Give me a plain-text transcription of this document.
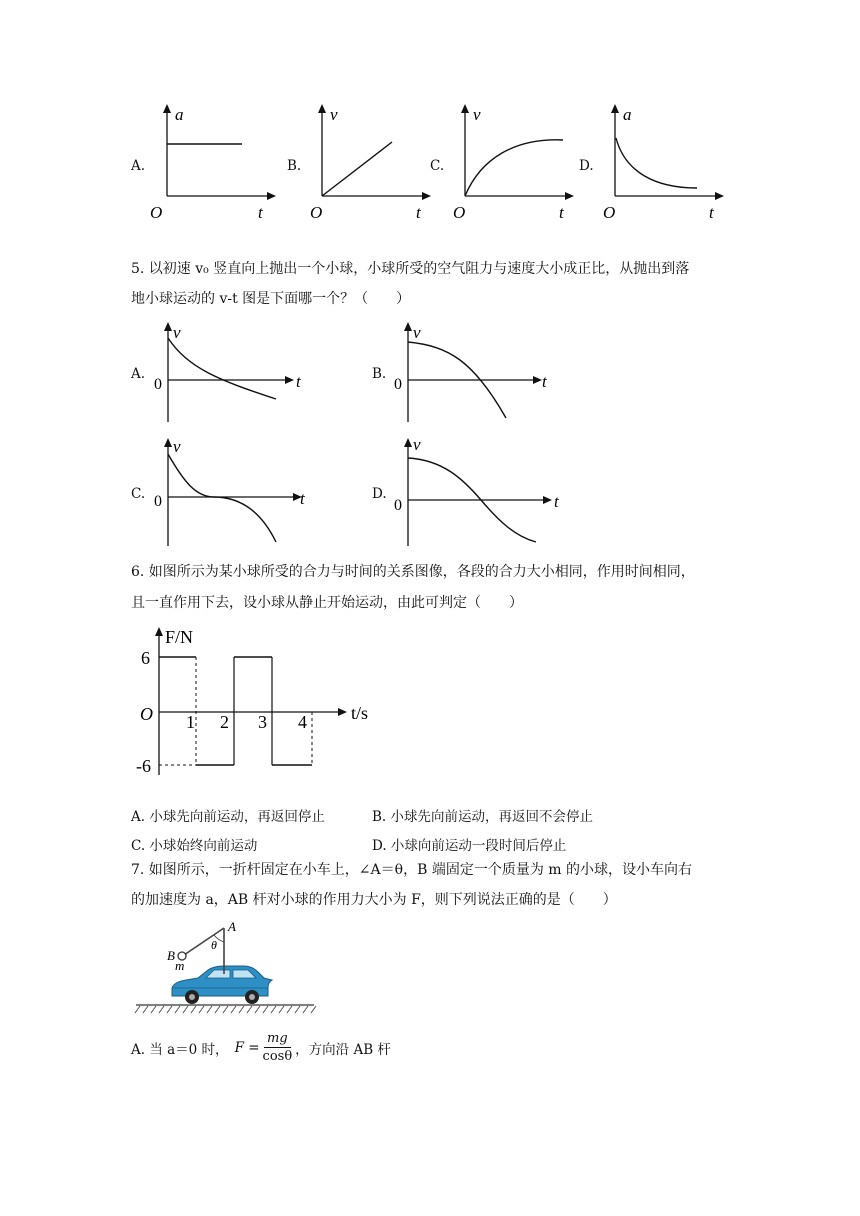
A.
a
t
O
B.
v
t
O
C.
v
t
O
D.
a
t
O
5. 以初速 v₀ 竖直向上抛出一个小球，小球所受的空气阻力与速度大小成正比，从抛出到落
地小球运动的 v-t 图是下面哪一个？（　　）
A.
v
t
0
B.
v
t
0
C.
v
t
0	D.
v
t
0
6. 如图所示为某小球所受的合力与时间的关系图像，各段的合力大小相同，作用时间相同，
且一直作用下去，设小球从静止开始运动，由此可判定（　　）
F/N
t/s
O
6
-6
1 2 3 4
A. 小球先向前运动，再返回停止	B. 小球先向前运动，再返回不会停止
C. 小球始终向前运动	D. 小球向前运动一段时间后停止
7. 如图所示，一折杆固定在小车上，∠A＝θ，B 端固定一个质量为 m 的小球，设小车向右
的加速度为 a，AB 杆对小球的作用力大小为 F，则下列说法正确的是（　　）
A
B
θ
m
A. 当 a＝0 时， $F = \frac{mg}{\cos\theta}$ ，方向沿 AB 杆
